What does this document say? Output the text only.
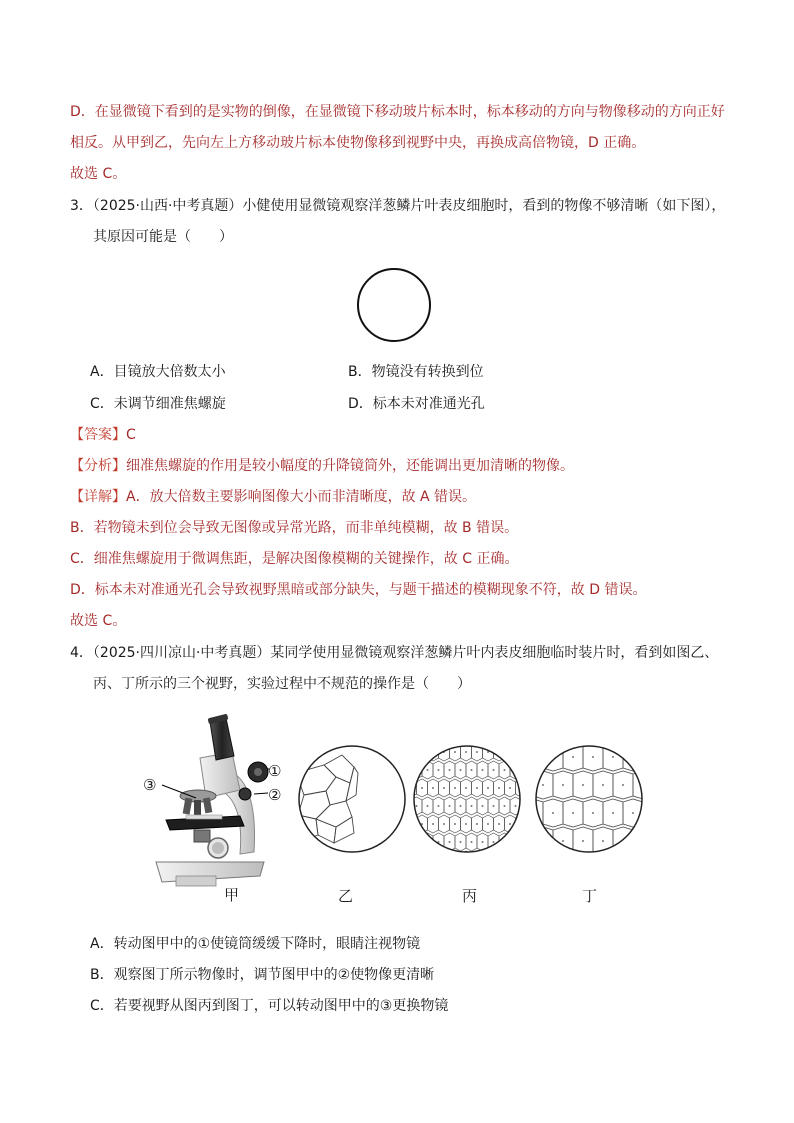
D．在显微镜下看到的是实物的倒像，在显微镜下移动玻片标本时，标本移动的方向与物像移动的方向正好
相反。从甲到乙，先向左上方移动玻片标本使物像移到视野中央，再换成高倍物镜，D 正确。
故选 C。
3．（2025·山西·中考真题）小健使用显微镜观察洋葱鳞片叶表皮细胞时，看到的物像不够清晰（如下图），
其原因可能是（　　）
A．目镜放大倍数太小	B．物镜没有转换到位
C．未调节细准焦螺旋	D．标本未对准通光孔
【答案】C
【分析】细准焦螺旋的作用是较小幅度的升降镜筒外，还能调出更加清晰的物像。
【详解】A．放大倍数主要影响图像大小而非清晰度，故 A 错误。
B．若物镜未到位会导致无图像或异常光路，而非单纯模糊，故 B 错误。
C．细准焦螺旋用于微调焦距，是解决图像模糊的关键操作，故 C 正确。
D．标本未对准通光孔会导致视野黑暗或部分缺失，与题干描述的模糊现象不符，故 D 错误。
故选 C。
4．（2025·四川凉山·中考真题）某同学使用显微镜观察洋葱鳞片叶内表皮细胞临时装片时，看到如图乙、
丙、丁所示的三个视野，实验过程中不规范的操作是（　　）
①
②
③
甲	乙	丙	丁
A．转动图甲中的①使镜筒缓缓下降时，眼睛注视物镜
B．观察图丁所示物像时，调节图甲中的②使物像更清晰
C．若要视野从图丙到图丁，可以转动图甲中的③更换物镜
